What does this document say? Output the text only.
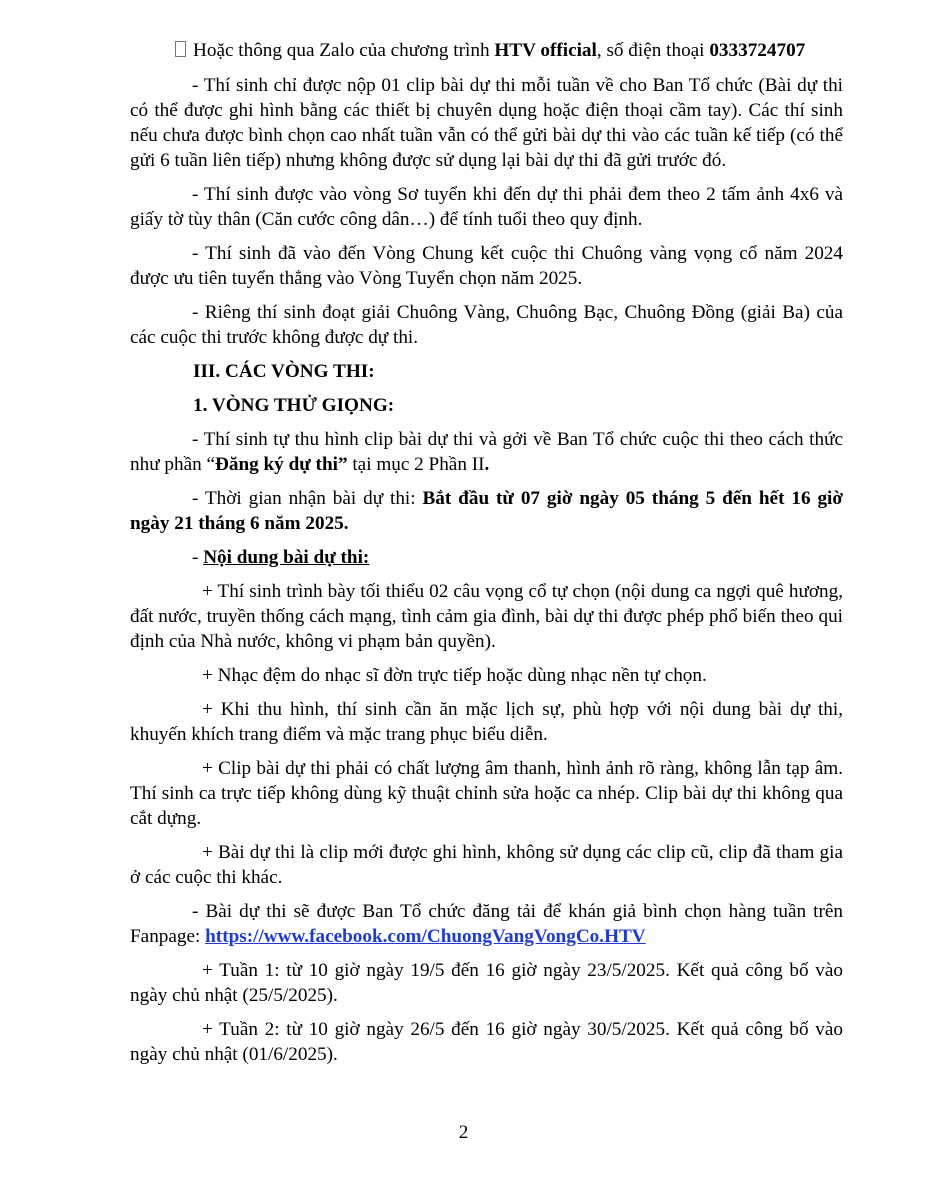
Hoặc thông qua Zalo của chương trình HTV official, số điện thoại 0333724707

- Thí sinh chỉ được nộp 01 clip bài dự thi mỗi tuần về cho Ban Tổ chức (Bài dự thi có thể được ghi hình bằng các thiết bị chuyên dụng hoặc điện thoại cầm tay). Các thí sinh nếu chưa được bình chọn cao nhất tuần vẫn có thể gửi bài dự thi vào các tuần kế tiếp (có thể gửi 6 tuần liên tiếp) nhưng không được sử dụng lại bài dự thi đã gửi trước đó.

- Thí sinh được vào vòng Sơ tuyển khi đến dự thi phải đem theo 2 tấm ảnh 4x6 và giấy tờ tùy thân (Căn cước công dân…) để tính tuổi theo quy định.

- Thí sinh đã vào đến Vòng Chung kết cuộc thi Chuông vàng vọng cổ năm 2024 được ưu tiên tuyển thẳng vào Vòng Tuyển chọn năm 2025.

- Riêng thí sinh đoạt giải Chuông Vàng, Chuông Bạc, Chuông Đồng (giải Ba) của các cuộc thi trước không được dự thi.

III. CÁC VÒNG THI:
1. VÒNG THỬ GIỌNG:

- Thí sinh tự thu hình clip bài dự thi và gởi về Ban Tổ chức cuộc thi theo cách thức như phần “Đăng ký dự thi” tại mục 2 Phần II.

- Thời gian nhận bài dự thi: Bắt đầu từ 07 giờ ngày 05 tháng 5 đến hết 16 giờ ngày 21 tháng 6 năm 2025.

- Nội dung bài dự thi:

+ Thí sinh trình bày tối thiểu 02 câu vọng cổ tự chọn (nội dung ca ngợi quê hương, đất nước, truyền thống cách mạng, tình cảm gia đình, bài dự thi được phép phổ biến theo qui định của Nhà nước, không vi phạm bản quyền).

+ Nhạc đệm do nhạc sĩ đờn trực tiếp hoặc dùng nhạc nền tự chọn.

+ Khi thu hình, thí sinh cần ăn mặc lịch sự, phù hợp với nội dung bài dự thi, khuyến khích trang điểm và mặc trang phục biểu diễn.

+ Clip bài dự thi phải có chất lượng âm thanh, hình ảnh rõ ràng, không lẫn tạp âm. Thí sinh ca trực tiếp không dùng kỹ thuật chỉnh sửa hoặc ca nhép. Clip bài dự thi không qua cắt dựng.

+ Bài dự thi là clip mới được ghi hình, không sử dụng các clip cũ, clip đã tham gia ở các cuộc thi khác.

- Bài dự thi sẽ được Ban Tổ chức đăng tải để khán giả bình chọn hàng tuần trên Fanpage: https://www.facebook.com/ChuongVangVongCo.HTV

+ Tuần 1: từ 10 giờ ngày 19/5 đến 16 giờ ngày 23/5/2025. Kết quả công bố vào ngày chủ nhật (25/5/2025).

+ Tuần 2: từ 10 giờ ngày 26/5 đến 16 giờ ngày 30/5/2025. Kết quả công bố vào ngày chủ nhật (01/6/2025).

2
